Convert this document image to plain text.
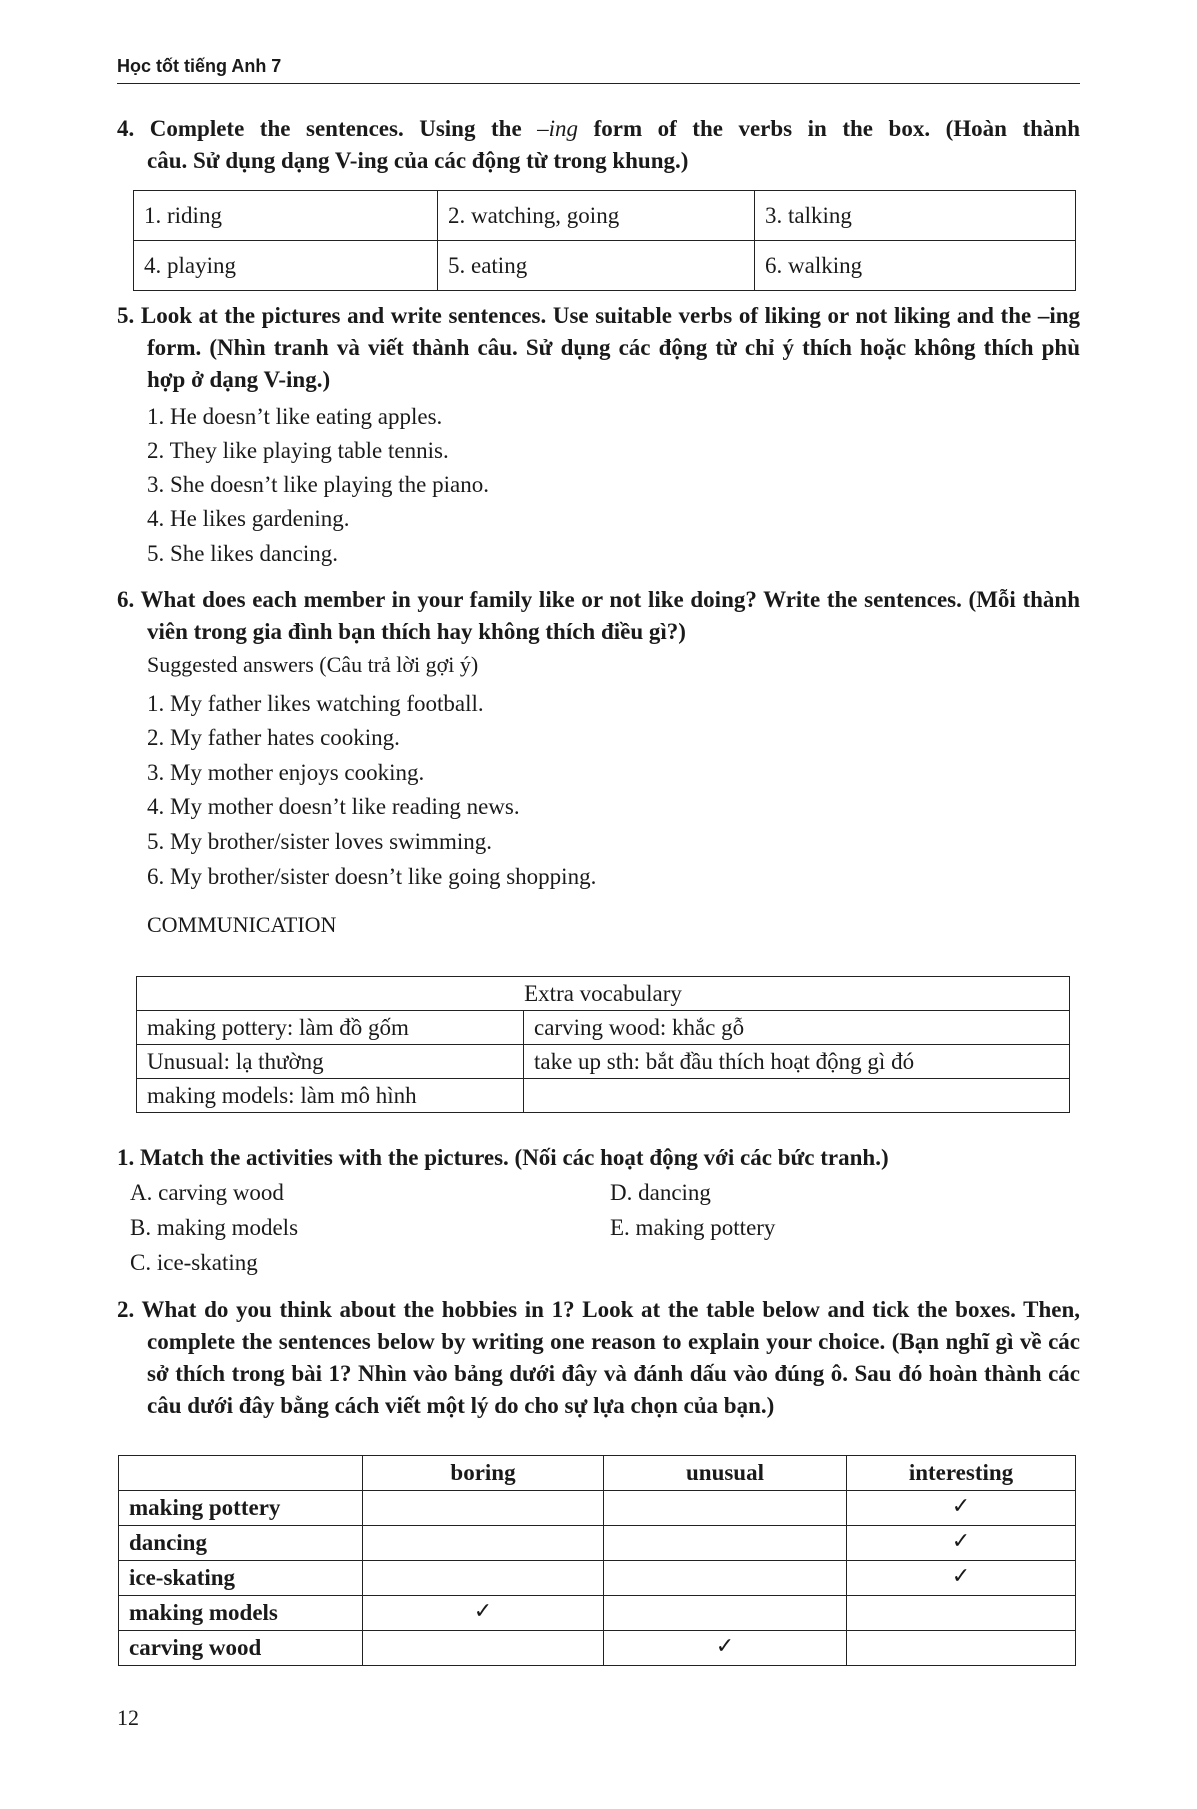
Học tốt tiếng Anh 7
4. Complete the sentences. Using the –ing form of the verbs in the box. (Hoàn thành
câu. Sử dụng dạng V-ing của các động từ trong khung.)
1. riding	2. watching, going	3. talking
4. playing	5. eating	6. walking
5. Look at the pictures and write sentences. Use suitable verbs of liking or not liking and the –ing form. (Nhìn tranh và viết thành câu. Sử dụng các động từ chỉ ý thích hoặc không thích phù hợp ở dạng V-ing.)
1. He doesn’t like eating apples.
2. They like playing table tennis.
3. She doesn’t like playing the piano.
4. He likes gardening.
5. She likes dancing.
6. What does each member in your family like or not like doing? Write the sentences. (Mỗi thành viên trong gia đình bạn thích hay không thích điều gì?)
Suggested answers (Câu trả lời gợi ý)
1. My father likes watching football.
2. My father hates cooking.
3. My mother enjoys cooking.
4. My mother doesn’t like reading news.
5. My brother/sister loves swimming.
6. My brother/sister doesn’t like going shopping.
COMMUNICATION
Extra vocabulary	
making pottery: làm đồ gốm	carving wood: khắc gỗ
Unusual: lạ thường	take up sth: bắt đầu thích hoạt động gì đó
making models: làm mô hình	
1. Match the activities with the pictures. (Nối các hoạt động với các bức tranh.)
A. carving wood
B. making models
C. ice-skating
D. dancing
E. making pottery
2. What do you think about the hobbies in 1? Look at the table below and tick the boxes. Then, complete the sentences below by writing one reason to explain your choice. (Bạn nghĩ gì về các sở thích trong bài 1? Nhìn vào bảng dưới đây và đánh dấu vào đúng ô. Sau đó hoàn thành các câu dưới đây bằng cách viết một lý do cho sự lựa chọn của bạn.)
	boring	unusual	interesting
making pottery			✓
dancing			✓
ice-skating			✓
making models	✓		
carving wood		✓	
12
